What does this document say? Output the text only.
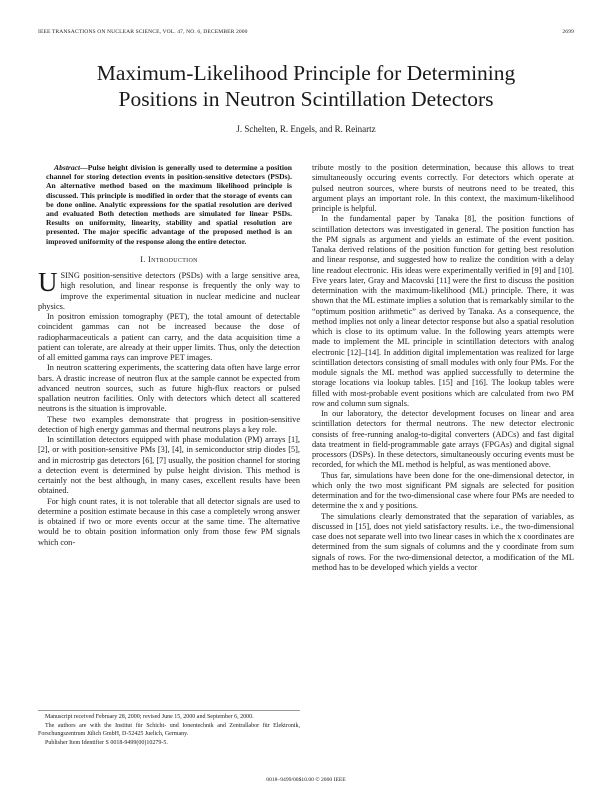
IEEE TRANSACTIONS ON NUCLEAR SCIENCE, VOL. 47, NO. 6, DECEMBER 2000	2699
Maximum-Likelihood Principle for Determining
Positions in Neutron Scintillation Detectors
J. Schelten, R. Engels, and R. Reinartz

Abstract—Pulse height division is generally used to determine a position channel for storing detection events in position-sensitive detectors (PSDs). An alternative method based on the maximum likelihood principle is discussed. This principle is modified in order that the storage of events can be done online. Analytic expressions for the spatial resolution are derived and evaluated Both detection methods are simulated for linear PSDs. Results on uniformity, linearity, stability and spatial resolution are presented. The major specific advantage of the proposed method is an improved uniformity of the response along the entire detector.

I. Introduction

USING position-sensitive detectors (PSDs) with a large sensitive area, high resolution, and linear response is frequently the only way to improve the experimental situation in nuclear medicine and nuclear physics.

In positron emission tomography (PET), the total amount of detectable coincident gammas can not be increased because the dose of radiopharmaceuticals a patient can carry, and the data acquisition time a patient can tolerate, are already at their upper limits. Thus, only the detection of all emitted gamma rays can improve PET images.

In neutron scattering experiments, the scattering data often have large error bars. A drastic increase of neutron flux at the sample cannot be expected from advanced neutron sources, such as future high-flux reactors or pulsed spallation neutron facilities. Only with detectors which detect all scattered neutrons is the situation is improvable.

These two examples demonstrate that progress in position-sensitive detection of high energy gammas and thermal neutrons plays a key role.

In scintillation detectors equipped with phase modulation (PM) arrays [1], [2], or with position-sensitive PMs [3], [4], in semiconductor strip diodes [5], and in microstrip gas detectors [6], [7] usually, the position channel for storing a detection event is determined by pulse height division. This method is certainly not the best although, in many cases, excellent results have been obtained.

For high count rates, it is not tolerable that all detector signals are used to determine a position estimate because in this case a completely wrong answer is obtained if two or more events occur at the same time. The alternative would be to obtain position information only from those few PM signals which con-

Manuscript received February 28, 2000; revised June 15, 2000 and September 6, 2000.

The authors are with the Institut für Schicht- und Ionentechnik and Zentrallabor für Elektronik, Forschungszentrum Jülich GmbH, D-52425 Juelich, Germany.

Publisher Item Identifier S 0018-9499(00)10279-5.

tribute mostly to the position determination, because this allows to treat simultaneously occuring events correctly. For detectors which operate at pulsed neutron sources, where bursts of neutrons need to be treated, this argument plays an important role. In this context, the maximum-likelihood principle is helpful.

In the fundamental paper by Tanaka [8], the position functions of scintillation detectors was investigated in general. The position function has the PM signals as argument and yields an estimate of the event position. Tanaka derived relations of the position function for getting best resolution and linear response, and suggested how to realize the condition with a delay line readout electronic. His ideas were experimentally verified in [9] and [10]. Five years later, Gray and Macovski [11] were the first to discuss the position determination with the maximum-likelihood (ML) principle. There, it was shown that the ML estimate implies a solution that is remarkably similar to the “optimum position arithmetic” as derived by Tanaka. As a consequence, the method implies not only a linear detector response but also a spatial resolution which is close to its optimum value. In the following years attempts were made to implement the ML principle in scintillation detectors with analog electronic [12]–[14]. In addition digital implementation was realized for large scintillation detectors consisting of small modules with only four PMs. For the module signals the ML method was applied successfully to determine the storage locations via lookup tables. [15] and [16]. The lookup tables were filled with most-probable event positions which are calculated from two PM row and column sum signals.

In our laboratory, the detector development focuses on linear and area scintillation detectors for thermal neutrons. The new detector electronic consists of free-running analog-to-digital converters (ADCs) and fast digital data treatment in field-programmable gate arrays (FPGAs) and digital signal processors (DSPs). In these detectors, simultaneously occuring events must be recorded, for which the ML method is helpful, as was mentioned above.

Thus far, simulations have been done for the one-dimensional detector, in which only the two most significant PM signals are selected for position determination and for the two-dimensional case where four PMs are needed to determine the x and y positions.

The simulations clearly demonstrated that the separation of variables, as discussed in [15], does not yield satisfactory results. i.e., the two-dimensional case does not separate well into two linear cases in which the x coordinates are determined from the sum signals of columns and the y coordinate from sum signals of rows. For the two-dimensional detector, a modification of the ML method has to be developed which yields a vector

0018–9499/00$10.00 © 2000 IEEE
